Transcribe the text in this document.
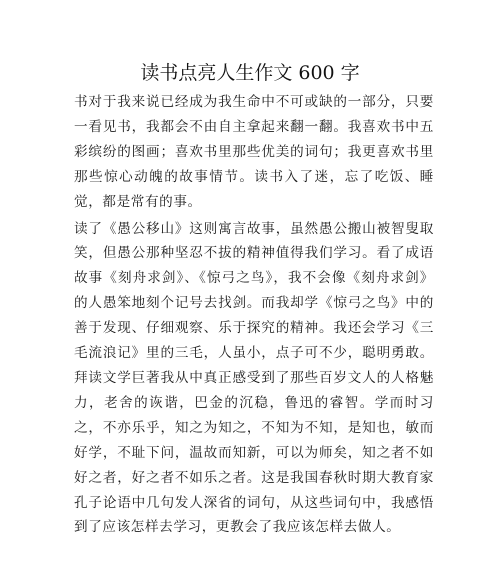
读书点亮人生作文 600 字

书对于我来说已经成为我生命中不可或缺的一部分，只要一看见书，我都会不由自主拿起来翻一翻。我喜欢书中五彩缤纷的图画；喜欢书里那些优美的词句；我更喜欢书里那些惊心动魄的故事情节。读书入了迷，忘了吃饭、睡觉，都是常有的事。

读了《愚公移山》这则寓言故事，虽然愚公搬山被智叟取笑，但愚公那种坚忍不拔的精神值得我们学习。看了成语故事《刻舟求剑》、《惊弓之鸟》，我不会像《刻舟求剑》的人愚笨地刻个记号去找剑。而我却学《惊弓之鸟》中的善于发现、仔细观察、乐于探究的精神。我还会学习《三毛流浪记》里的三毛，人虽小，点子可不少，聪明勇敢。拜读文学巨著我从中真正感受到了那些百岁文人的人格魅力，老舍的诙谐，巴金的沉稳，鲁迅的睿智。学而时习之，不亦乐乎，知之为知之，不知为不知，是知也，敏而好学，不耻下问，温故而知新，可以为师矣，知之者不如好之者，好之者不如乐之者。这是我国春秋时期大教育家孔子论语中几句发人深省的词句，从这些词句中，我感悟到了应该怎样去学习，更教会了我应该怎样去做人。
